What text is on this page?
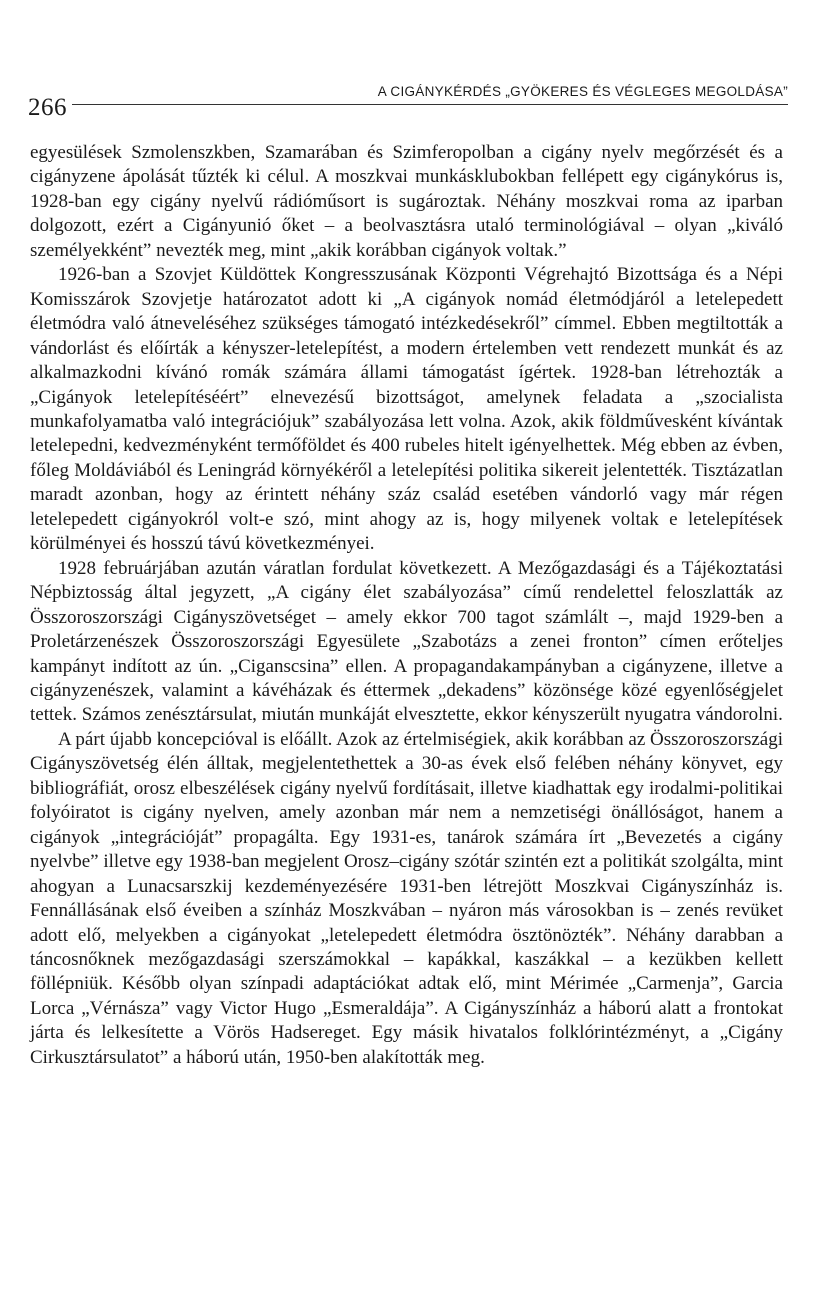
266
A CIGÁNYKÉRDÉS „GYÖKERES ÉS VÉGLEGES MEGOLDÁSA”

egyesülések Szmolenszkben, Szamarában és Szimferopolban a cigány nyelv megőrzését és a cigányzene ápolását tűzték ki célul. A moszkvai munkásklubokban fellépett egy cigánykórus is, 1928-ban egy cigány nyelvű rádióműsort is sugároztak. Néhány moszkvai roma az iparban dolgozott, ezért a Cigányunió őket – a beolvasztásra utaló terminológiával – olyan „kiváló személyekként” nevezték meg, mint „akik korábban cigányok voltak.”

1926-ban a Szovjet Küldöttek Kongresszusának Központi Végrehajtó Bizottsága és a Népi Komisszárok Szovjetje határozatot adott ki „A cigányok nomád életmódjáról a letelepedett életmódra való átneveléséhez szükséges támogató intézkedésekről” címmel. Ebben megtiltották a vándorlást és előírták a kényszer-letelepítést, a modern értelemben vett rendezett munkát és az alkalmazkodni kívánó romák számára állami támogatást ígértek. 1928-ban létrehozták a „Cigányok letelepítéséért” elnevezésű bizottságot, amelynek feladata a „szocialista munkafolyamatba való integrációjuk” szabályozása lett volna. Azok, akik földművesként kívántak letelepedni, kedvezményként termőföldet és 400 rubeles hitelt igényelhettek. Még ebben az évben, főleg Moldáviából és Leningrád környékéről a letelepítési politika sikereit jelentették. Tisztázatlan maradt azonban, hogy az érintett néhány száz család esetében vándorló vagy már régen letelepedett cigányokról volt-e szó, mint ahogy az is, hogy milyenek voltak e letelepítések körülményei és hosszú távú következményei.

1928 februárjában azután váratlan fordulat következett. A Mezőgazdasági és a Tájékoztatási Népbiztosság által jegyzett, „A cigány élet szabályozása” című rendelettel feloszlatták az Összoroszországi Cigányszövetséget – amely ekkor 700 tagot számlált –, majd 1929-ben a Proletárzenészek Összoroszországi Egyesülete „Szabotázs a zenei fronton” címen erőteljes kampányt indított az ún. „Cigansсsina” ellen. A propagandakampányban a cigányzene, illetve a cigányzenészek, valamint a kávéházak és éttermek „dekadens” közönsége közé egyenlőségjelet tettek. Számos zenésztársulat, miután munkáját elvesztette, ekkor kényszerült nyugatra vándorolni.

A párt újabb koncepcióval is előállt. Azok az értelmiségiek, akik korábban az Összoroszországi Cigányszövetség élén álltak, megjelentethettek a 30-as évek első felében néhány könyvet, egy bibliográfiát, orosz elbeszélések cigány nyelvű fordításait, illetve kiadhattak egy irodalmi-politikai folyóiratot is cigány nyelven, amely azonban már nem a nemzetiségi önállóságot, hanem a cigányok „integrációját” propagálta. Egy 1931-es, tanárok számára írt „Bevezetés a cigány nyelvbe” illetve egy 1938-ban megjelent Orosz–cigány szótár szintén ezt a politikát szolgálta, mint ahogyan a Lunacsarszkij kezdeményezésére 1931-ben létrejött Moszkvai Cigányszínház is. Fennállásának első éveiben a színház Moszkvában – nyáron más városokban is – zenés revüket adott elő, melyekben a cigányokat „letelepedett életmódra ösztönözték”. Néhány darabban a táncosnőknek mezőgazdasági szerszámokkal – kapákkal, kaszákkal – a kezükben kellett föllépniük. Később olyan színpadi adaptációkat adtak elő, mint Mérimée „Carmenja”, Garcia Lorca „Vérnásza” vagy Victor Hugo „Esmeraldája”. A Cigányszínház a háború alatt a frontokat járta és lelkesítette a Vörös Hadsereget. Egy másik hivatalos folklórintézményt, a „Cigány Cirkusztársulatot” a háború után, 1950-ben alakították meg.
